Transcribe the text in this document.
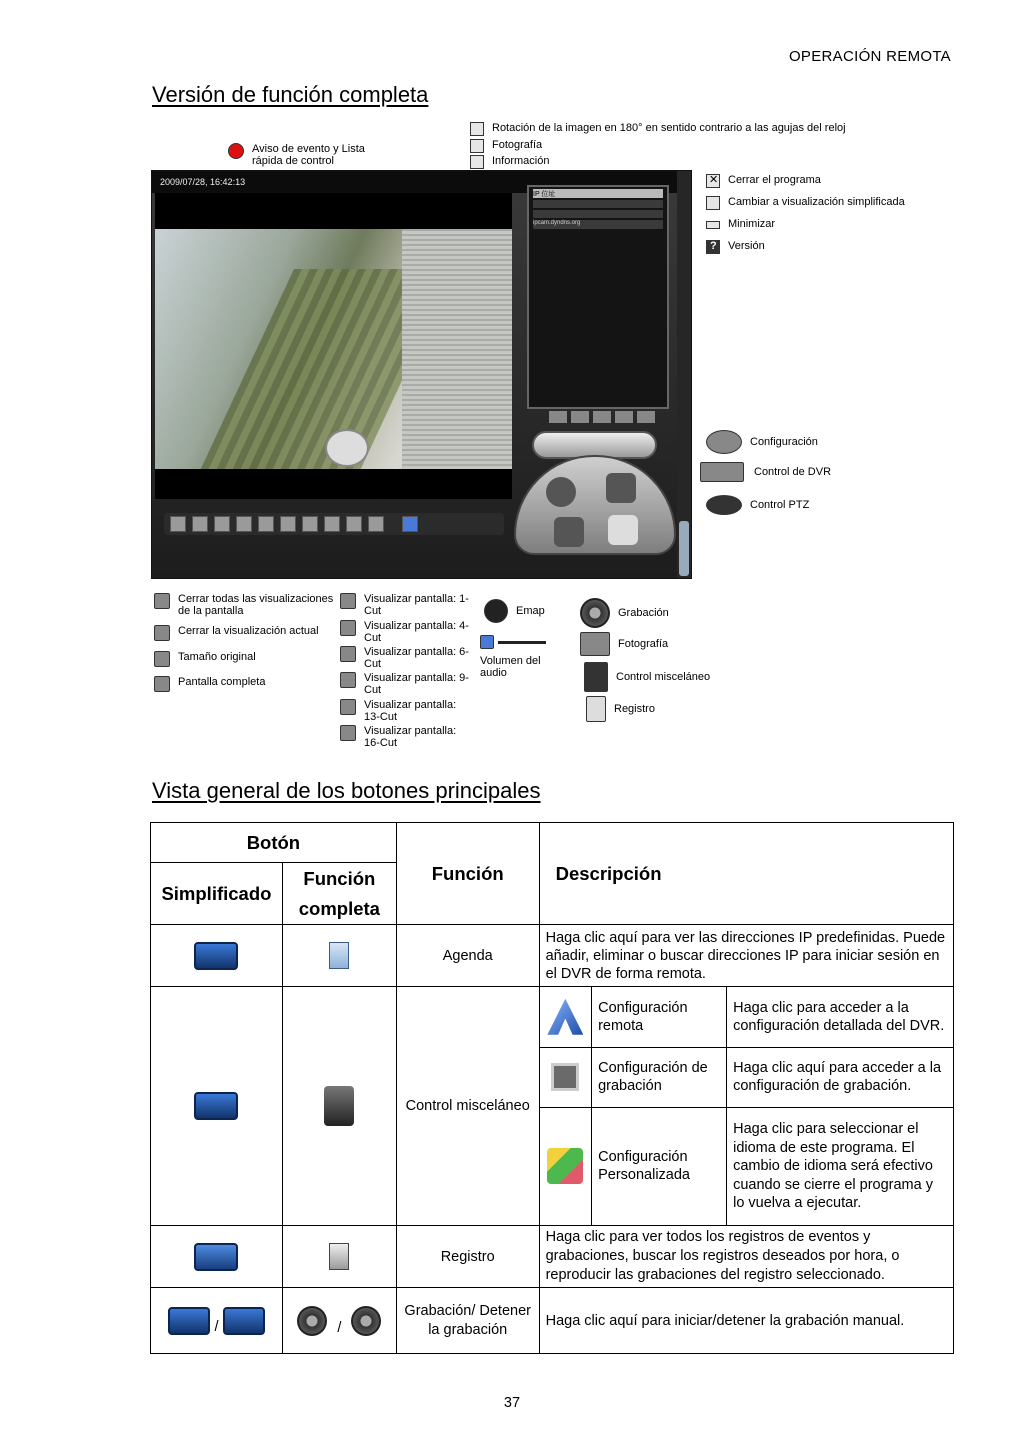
OPERACIÓN REMOTA
Versión de función completa
Aviso de evento y Lista rápida de control
Rotación de la imagen en 180° en sentido contrario a las agujas del reloj
Fotografía
Información
2009/07/28, 16:42:13
IP 位址
ipcam.dyndns.org
✕
Cerrar el programa
Cambiar a visualización simplificada
Minimizar
?
Versión
Configuración
Control de DVR
Control PTZ
Cerrar todas las visualizaciones de la pantalla
Cerrar la visualización actual
Tamaño original
Pantalla completa
Visualizar pantalla: 1-Cut
Visualizar pantalla: 4-Cut
Visualizar pantalla: 6-Cut
Visualizar pantalla: 9-Cut
Visualizar pantalla: 13-Cut
Visualizar pantalla: 16-Cut
Emap
Volumen del audio
Grabación
Fotografía
Control misceláneo
Registro
Vista general de los botones principales
Botón	Función	Descripción
Simplificado	Función completa
		Agenda	Haga clic aquí para ver las direcciones IP predefinidas. Puede añadir, eliminar o buscar direcciones IP para iniciar sesión en el DVR de forma remota.
		Control misceláneo	
	Configuración remota	Haga clic para acceder a la configuración detallada del DVR.
	Configuración de grabación	Haga clic aquí para acceder a la configuración de grabación.
	Configuración Personalizada	Haga clic para seleccionar el idioma de este programa. El cambio de idioma será efectivo cuando se cierre el programa y lo vuelva a ejecutar.

		Registro	Haga clic para ver todos los registros de eventos y grabaciones, buscar los registros deseados por hora, o reproducir las grabaciones del registro seleccionado.
/	/	Grabación/ Detener la grabación	Haga clic aquí para iniciar/detener la grabación manual.
37
